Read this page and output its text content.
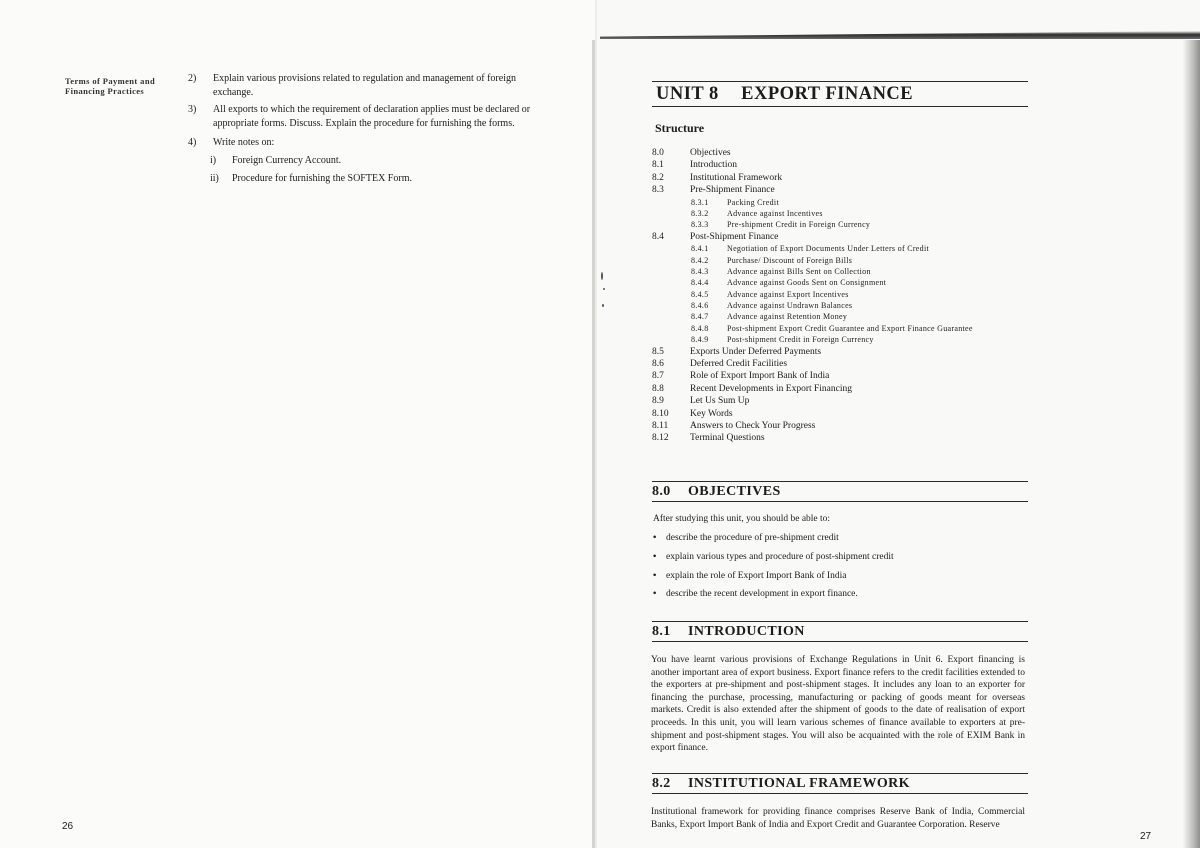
Terms of Payment and
Financing Practices
2)	Explain various provisions related to regulation and management of foreign exchange.
3)	All exports to which the requirement of declaration applies must be declared or appropriate forms. Discuss. Explain the procedure for furnishing the forms.
4)	Write notes on:
i) Foreign Currency Account.
ii) Procedure for furnishing the SOFTEX Form.
26
UNIT 8 EXPORT FINANCE
Structure
8.0	Objectives
8.1	Introduction
8.2	Institutional Framework
8.3	Pre-Shipment Finance
8.3.1 Packing Credit
8.3.2 Advance against Incentives
8.3.3 Pre-shipment Credit in Foreign Currency
8.4	Post-Shipment Finance
8.4.1 Negotiation of Export Documents Under Letters of Credit
8.4.2 Purchase/ Discount of Foreign Bills
8.4.3 Advance against Bills Sent on Collection
8.4.4 Advance against Goods Sent on Consignment
8.4.5 Advance against Export Incentives
8.4.6 Advance against Undrawn Balances
8.4.7 Advance against Retention Money
8.4.8 Post-shipment Export Credit Guarantee and Export Finance Guarantee
8.4.9 Post-shipment Credit in Foreign Currency
8.5	Exports Under Deferred Payments
8.6	Deferred Credit Facilities
8.7	Role of Export Import Bank of India
8.8	Recent Developments in Export Financing
8.9	Let Us Sum Up
8.10 Key Words
8.11 Answers to Check Your Progress
8.12 Terminal Questions
8.0 OBJECTIVES
After studying this unit, you should be able to:
• describe the procedure of pre-shipment credit
• explain various types and procedure of post-shipment credit
• explain the role of Export Import Bank of India
• describe the recent development in export finance.
8.1 INTRODUCTION
You have learnt various provisions of Exchange Regulations in Unit 6. Export financing is another important area of export business. Export finance refers to the credit facilities extended to the exporters at pre-shipment and post-shipment stages. It includes any loan to an exporter for financing the purchase, processing, manufacturing or packing of goods meant for overseas markets. Credit is also extended after the shipment of goods to the date of realisation of export proceeds. In this unit, you will learn various schemes of finance available to exporters at pre-shipment and post-shipment stages. You will also be acquainted with the role of EXIM Bank in export finance.
8.2 INSTITUTIONAL FRAMEWORK
Institutional framework for providing finance comprises Reserve Bank of India, Commercial Banks, Export Import Bank of India and Export Credit and Guarantee Corporation. Reserve
27
